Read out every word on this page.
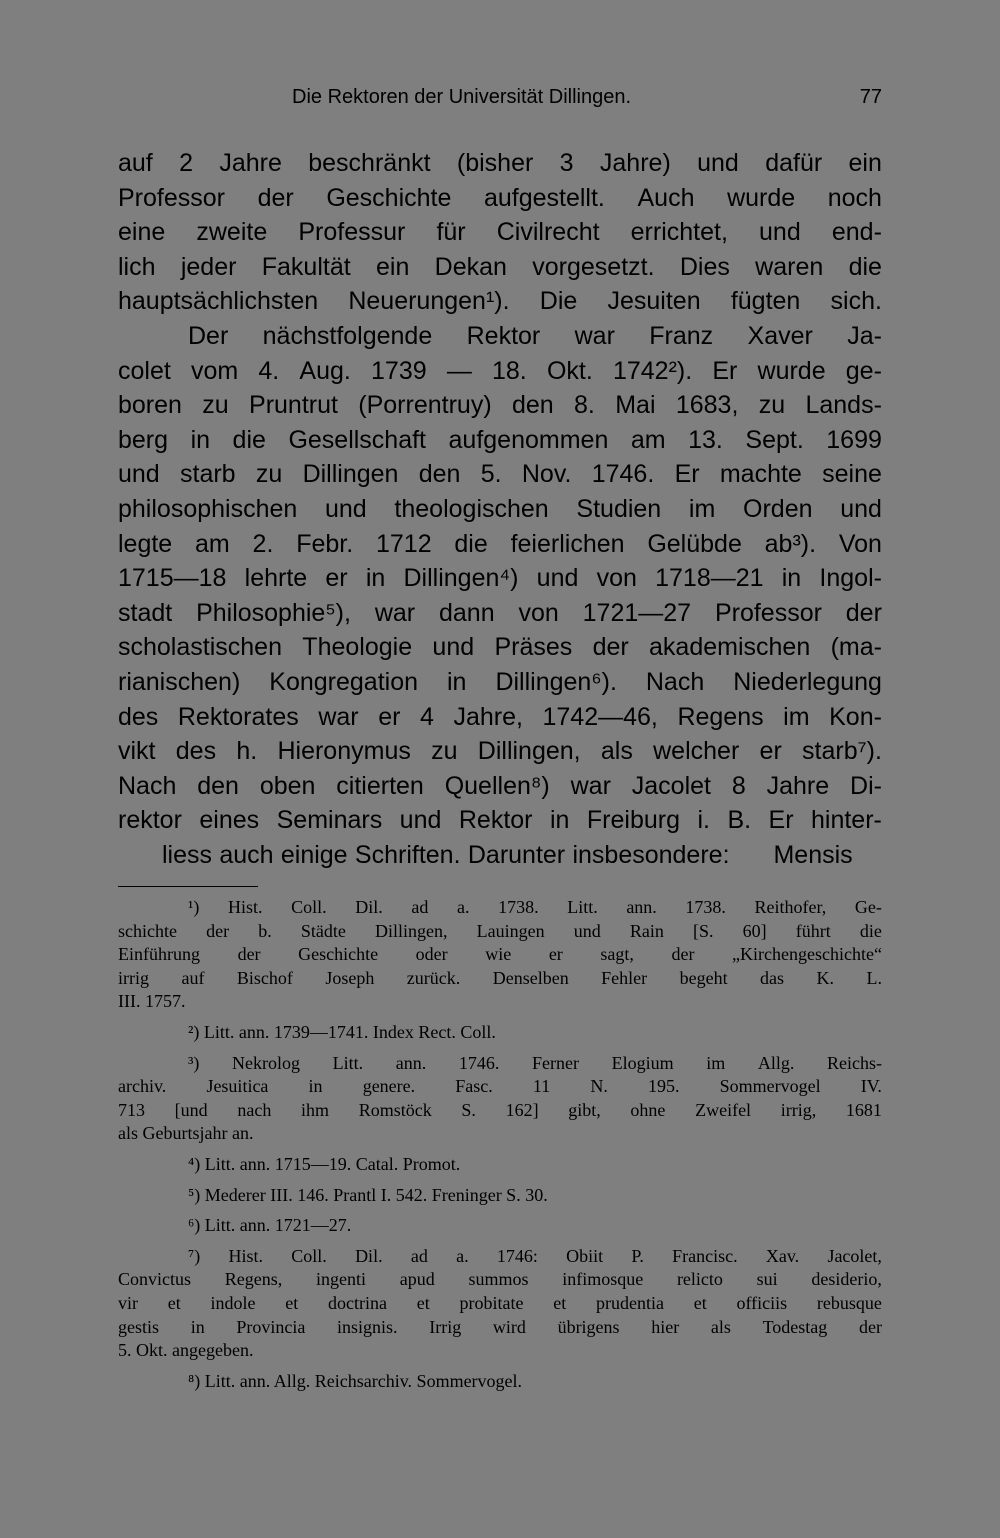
Die Rektoren der Universität Dillingen.	77
auf 2 Jahre beschränkt (bisher 3 Jahre) und dafür ein
Professor der Geschichte aufgestellt. Auch wurde noch
eine zweite Professur für Civilrecht errichtet, und end-
lich jeder Fakultät ein Dekan vorgesetzt. Dies waren die
hauptsächlichsten Neuerungen¹). Die Jesuiten fügten sich.
Der nächstfolgende Rektor war Franz Xaver Ja-
colet vom 4. Aug. 1739 — 18. Okt. 1742²). Er wurde ge-
boren zu Pruntrut (Porrentruy) den 8. Mai 1683, zu Lands-
berg in die Gesellschaft aufgenommen am 13. Sept. 1699
und starb zu Dillingen den 5. Nov. 1746. Er machte seine
philosophischen und theologischen Studien im Orden und
legte am 2. Febr. 1712 die feierlichen Gelübde ab³). Von
1715—18 lehrte er in Dillingen⁴) und von 1718—21 in Ingol-
stadt Philosophie⁵), war dann von 1721—27 Professor der
scholastischen Theologie und Präses der akademischen (ma-
rianischen) Kongregation in Dillingen⁶). Nach Niederlegung
des Rektorates war er 4 Jahre, 1742—46, Regens im Kon-
vikt des h. Hieronymus zu Dillingen, als welcher er starb⁷).
Nach den oben citierten Quellen⁸) war Jacolet 8 Jahre Di-
rektor eines Seminars und Rektor in Freiburg i. B. Er hinter-
liess auch einige Schriften. Darunter insbesondere: Mensis
¹) Hist. Coll. Dil. ad a. 1738. Litt. ann. 1738. Reithofer, Ge-
schichte der b. Städte Dillingen, Lauingen und Rain [S. 60] führt die
Einführung der Geschichte oder wie er sagt, der „Kirchengeschichte“
irrig auf Bischof Joseph zurück. Denselben Fehler begeht das K. L.
III. 1757.
²) Litt. ann. 1739—1741. Index Rect. Coll.
³) Nekrolog Litt. ann. 1746. Ferner Elogium im Allg. Reichs-
archiv. Jesuitica in genere. Fasc. 11 N. 195. Sommervogel IV.
713 [und nach ihm Romstöck S. 162] gibt, ohne Zweifel irrig, 1681
als Geburtsjahr an.
⁴) Litt. ann. 1715—19. Catal. Promot.
⁵) Mederer III. 146. Prantl I. 542. Freninger S. 30.
⁶) Litt. ann. 1721—27.
⁷) Hist. Coll. Dil. ad a. 1746: Obiit P. Francisc. Xav. Jacolet,
Convictus Regens, ingenti apud summos infimosque relicto sui desiderio,
vir et indole et doctrina et probitate et prudentia et officiis rebusque
gestis in Provincia insignis. Irrig wird übrigens hier als Todestag der
5. Okt. angegeben.
⁸) Litt. ann. Allg. Reichsarchiv. Sommervogel.
